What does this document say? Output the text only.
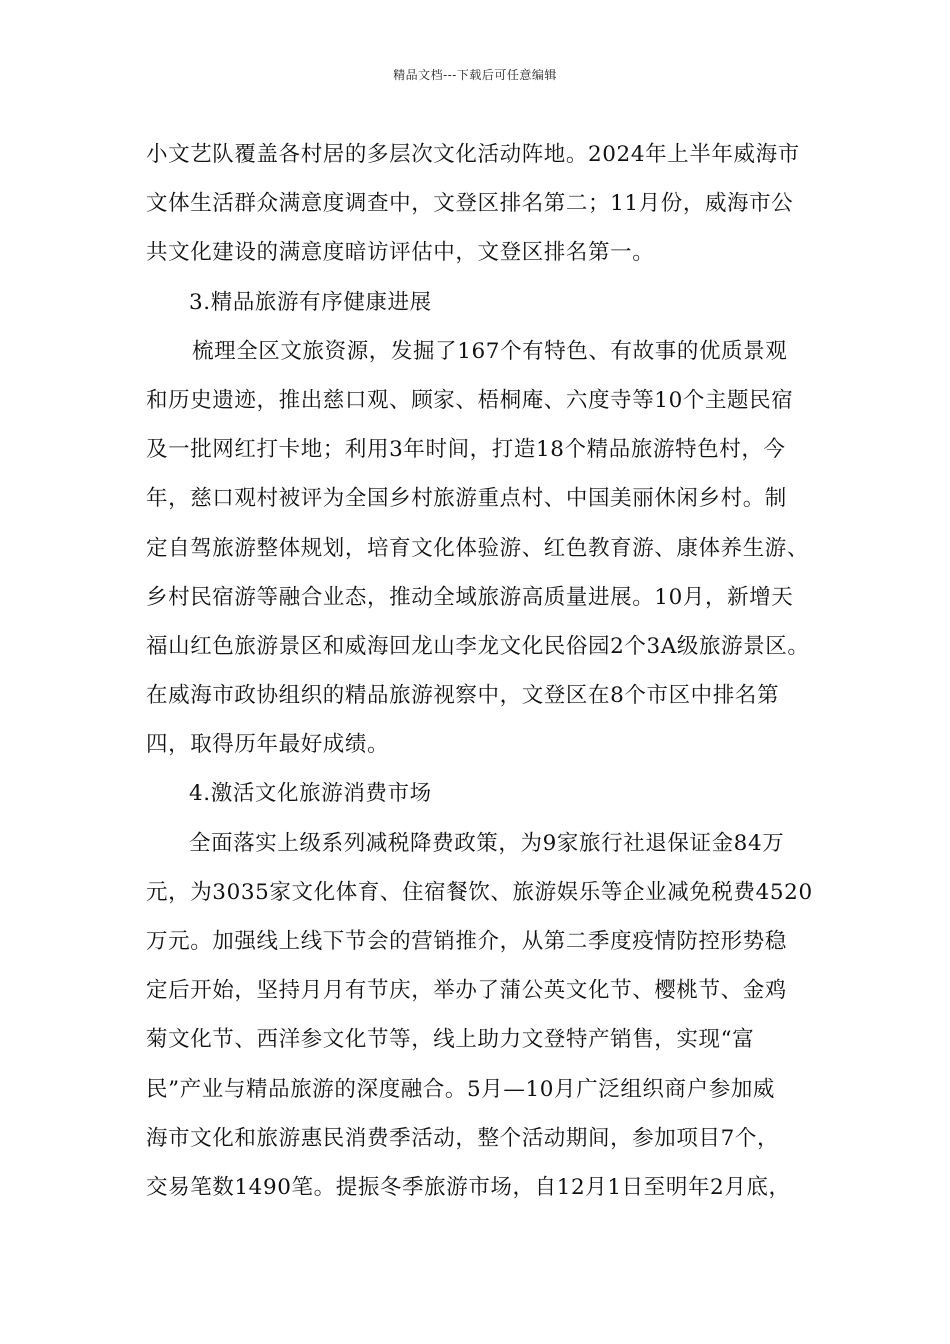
精品文档---下载后可任意编辑
小文艺队覆盖各村居的多层次文化活动阵地。2024年上半年威海市
文体生活群众满意度调查中，文登区排名第二；11月份，威海市公
共文化建设的满意度暗访评估中，文登区排名第一。
3.精品旅游有序健康进展
梳理全区文旅资源，发掘了167个有特色、有故事的优质景观
和历史遗迹，推出慈口观、顾家、梧桐庵、六度寺等10个主题民宿
及一批网红打卡地；利用3年时间，打造18个精品旅游特色村，今
年，慈口观村被评为全国乡村旅游重点村、中国美丽休闲乡村。制
定自驾旅游整体规划，培育文化体验游、红色教育游、康体养生游、
乡村民宿游等融合业态，推动全域旅游高质量进展。10月，新增天
福山红色旅游景区和威海回龙山李龙文化民俗园2个3A级旅游景区。
在威海市政协组织的精品旅游视察中，文登区在8个市区中排名第
四，取得历年最好成绩。
4.激活文化旅游消费市场
全面落实上级系列减税降费政策，为9家旅行社退保证金84万
元，为3035家文化体育、住宿餐饮、旅游娱乐等企业减免税费4520
万元。加强线上线下节会的营销推介，从第二季度疫情防控形势稳
定后开始，坚持月月有节庆，举办了蒲公英文化节、樱桃节、金鸡
菊文化节、西洋参文化节等，线上助力文登特产销售，实现“富
民”产业与精品旅游的深度融合。5月—10月广泛组织商户参加威
海市文化和旅游惠民消费季活动，整个活动期间，参加项目7个，
交易笔数1490笔。提振冬季旅游市场，自12月1日至明年2月底，
